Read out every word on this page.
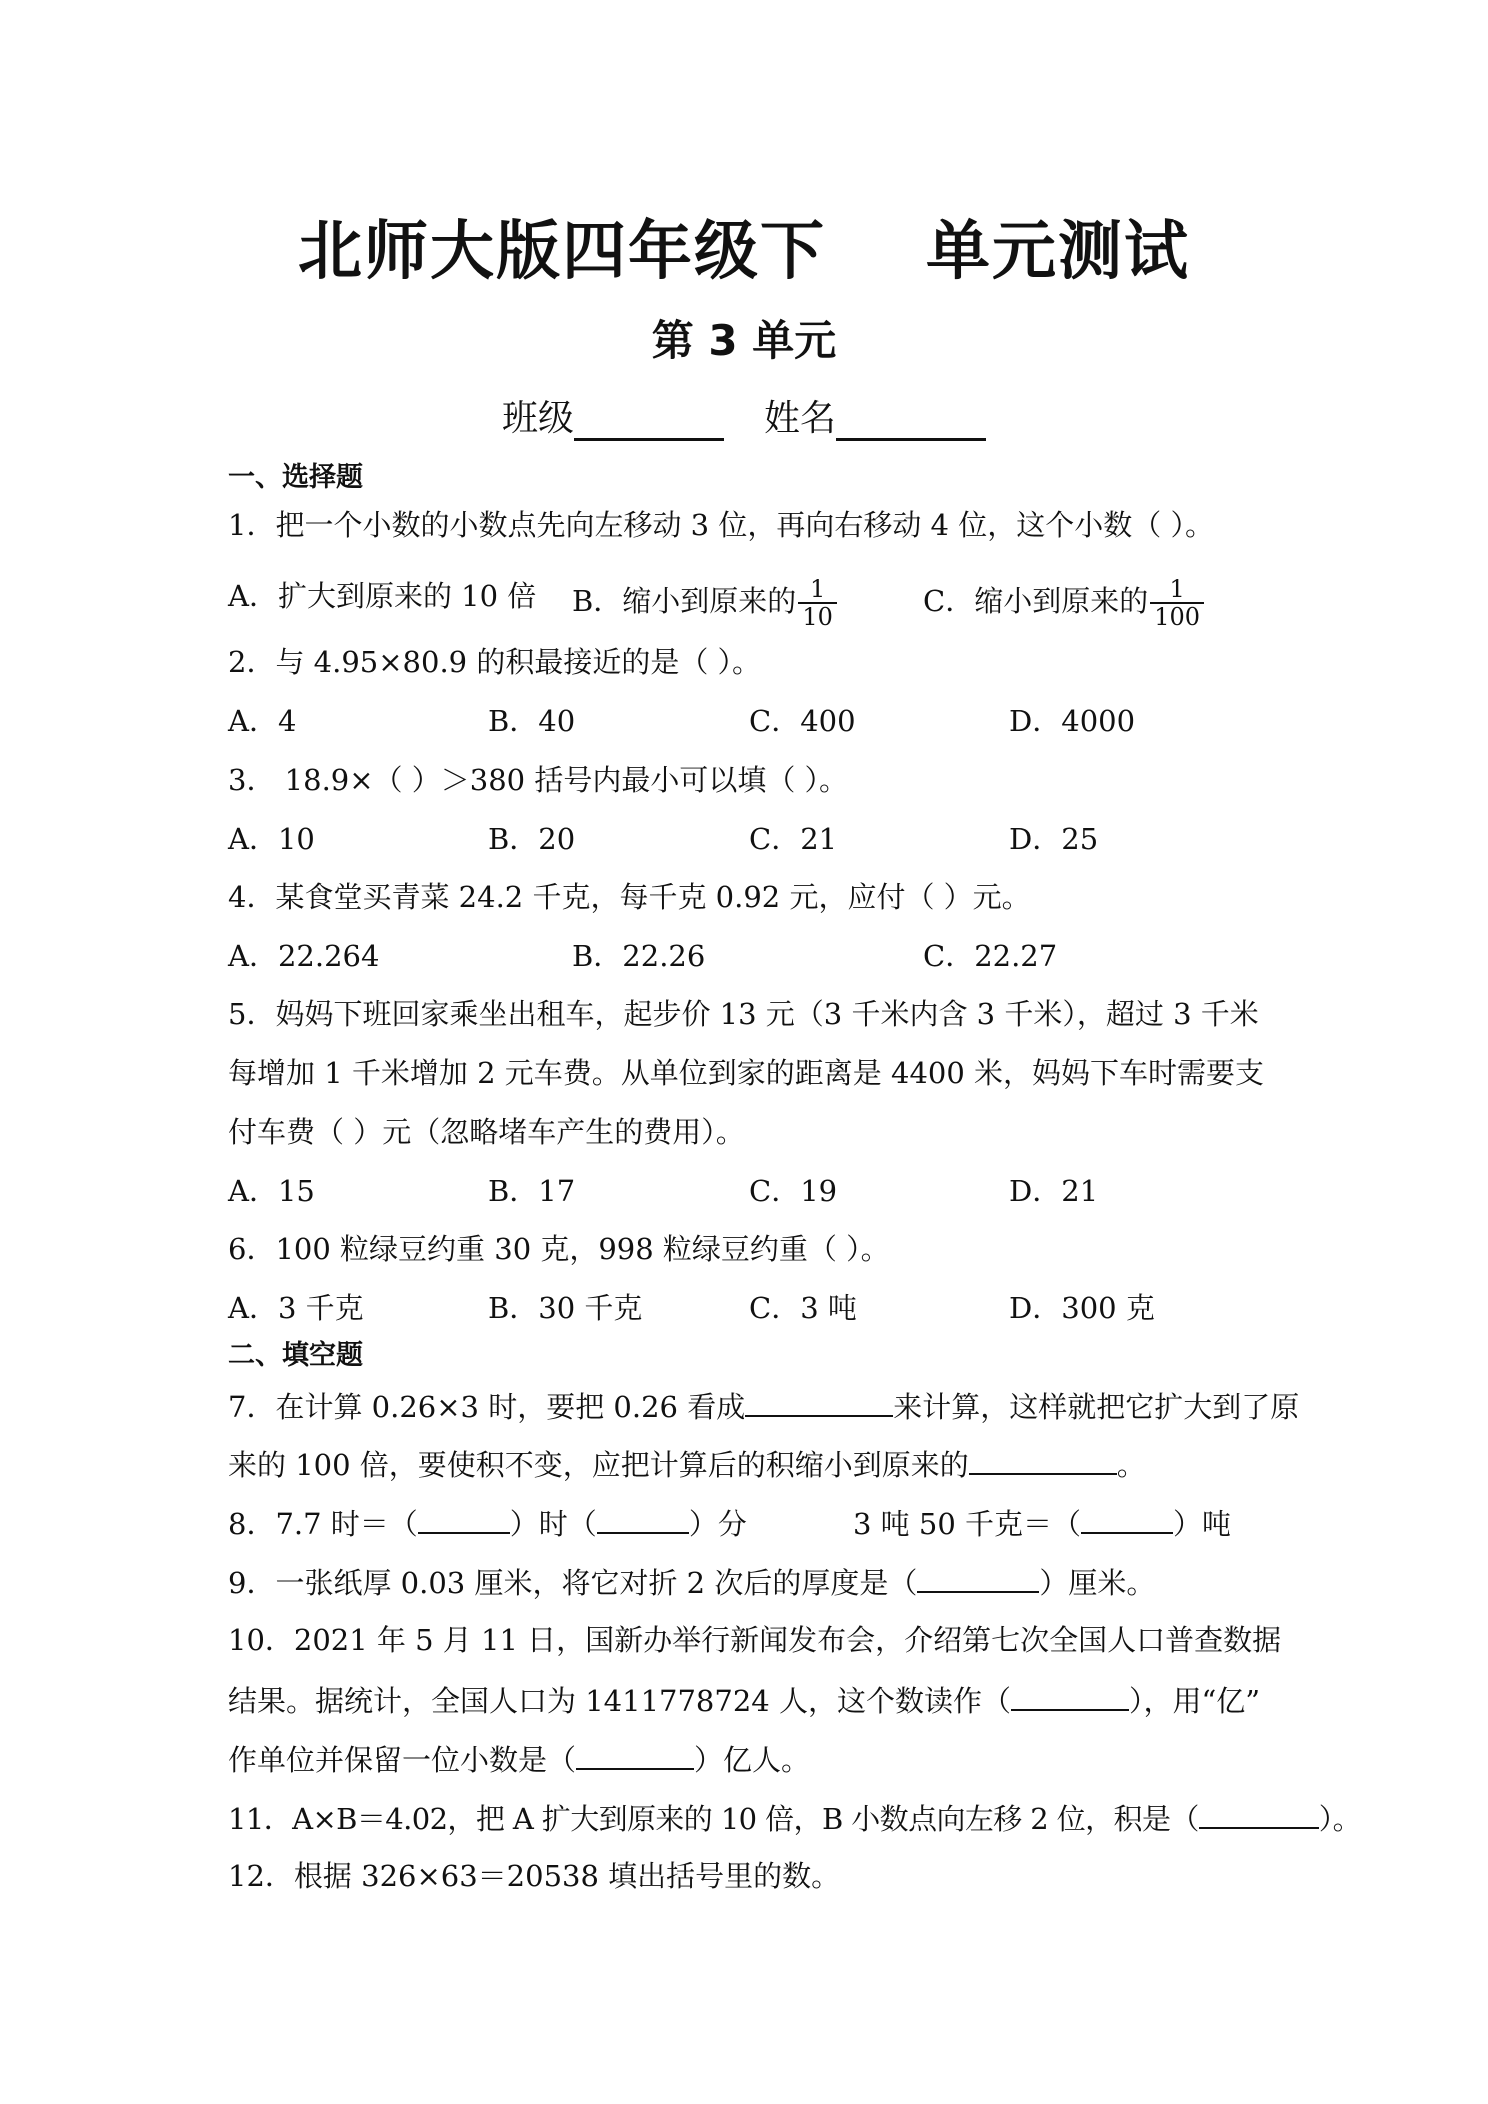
北师大版四年级下 单元测试
第 3 单元
班级	姓名
一、选择题
1．把一个小数的小数点先向左移动 3 位，再向右移动 4 位，这个小数（ ）。
A．扩大到原来的 10 倍 B．缩小到原来的 $\frac{1}{10}$	C．缩小到原来的 $\frac{1}{100}$
2．与 4.95×80.9 的积最接近的是（ ）。
A．4	B．40	C．400	D．4000
3． 18.9×（ ）＞380 括号内最小可以填（ ）。
A．10	B．20	C．21	D．25
4．某食堂买青菜 24.2 千克，每千克 0.92 元，应付（ ）元。
A．22.264	B．22.26	C．22.27
5．妈妈下班回家乘坐出租车，起步价 13 元（3 千米内含 3 千米），超过 3 千米
每增加 1 千米增加 2 元车费。从单位到家的距离是 4400 米，妈妈下车时需要支
付车费（ ）元（忽略堵车产生的费用）。
A．15	B．17	C．19	D．21
6．100 粒绿豆约重 30 克，998 粒绿豆约重（ ）。
A．3 千克	B．30 千克	C．3 吨	D．300 克
二、填空题
7．在计算 0.26×3 时，要把 0.26 看成	来计算，这样就把它扩大到了原
来的 100 倍，要使积不变，应把计算后的积缩小到原来的	。
8．7.7 时＝（	）时（	）分	3 吨 50 千克＝（	）吨
9．一张纸厚 0.03 厘米，将它对折 2 次后的厚度是（	）厘米。
10．2021 年 5 月 11 日，国新办举行新闻发布会，介绍第七次全国人口普查数据
结果。据统计，全国人口为 1411778724 人，这个数读作（	），用“亿”
作单位并保留一位小数是（	）亿人。
11．A×B＝4.02，把 A 扩大到原来的 10 倍，B 小数点向左移 2 位，积是（	）。
12．根据 326×63＝20538 填出括号里的数。
